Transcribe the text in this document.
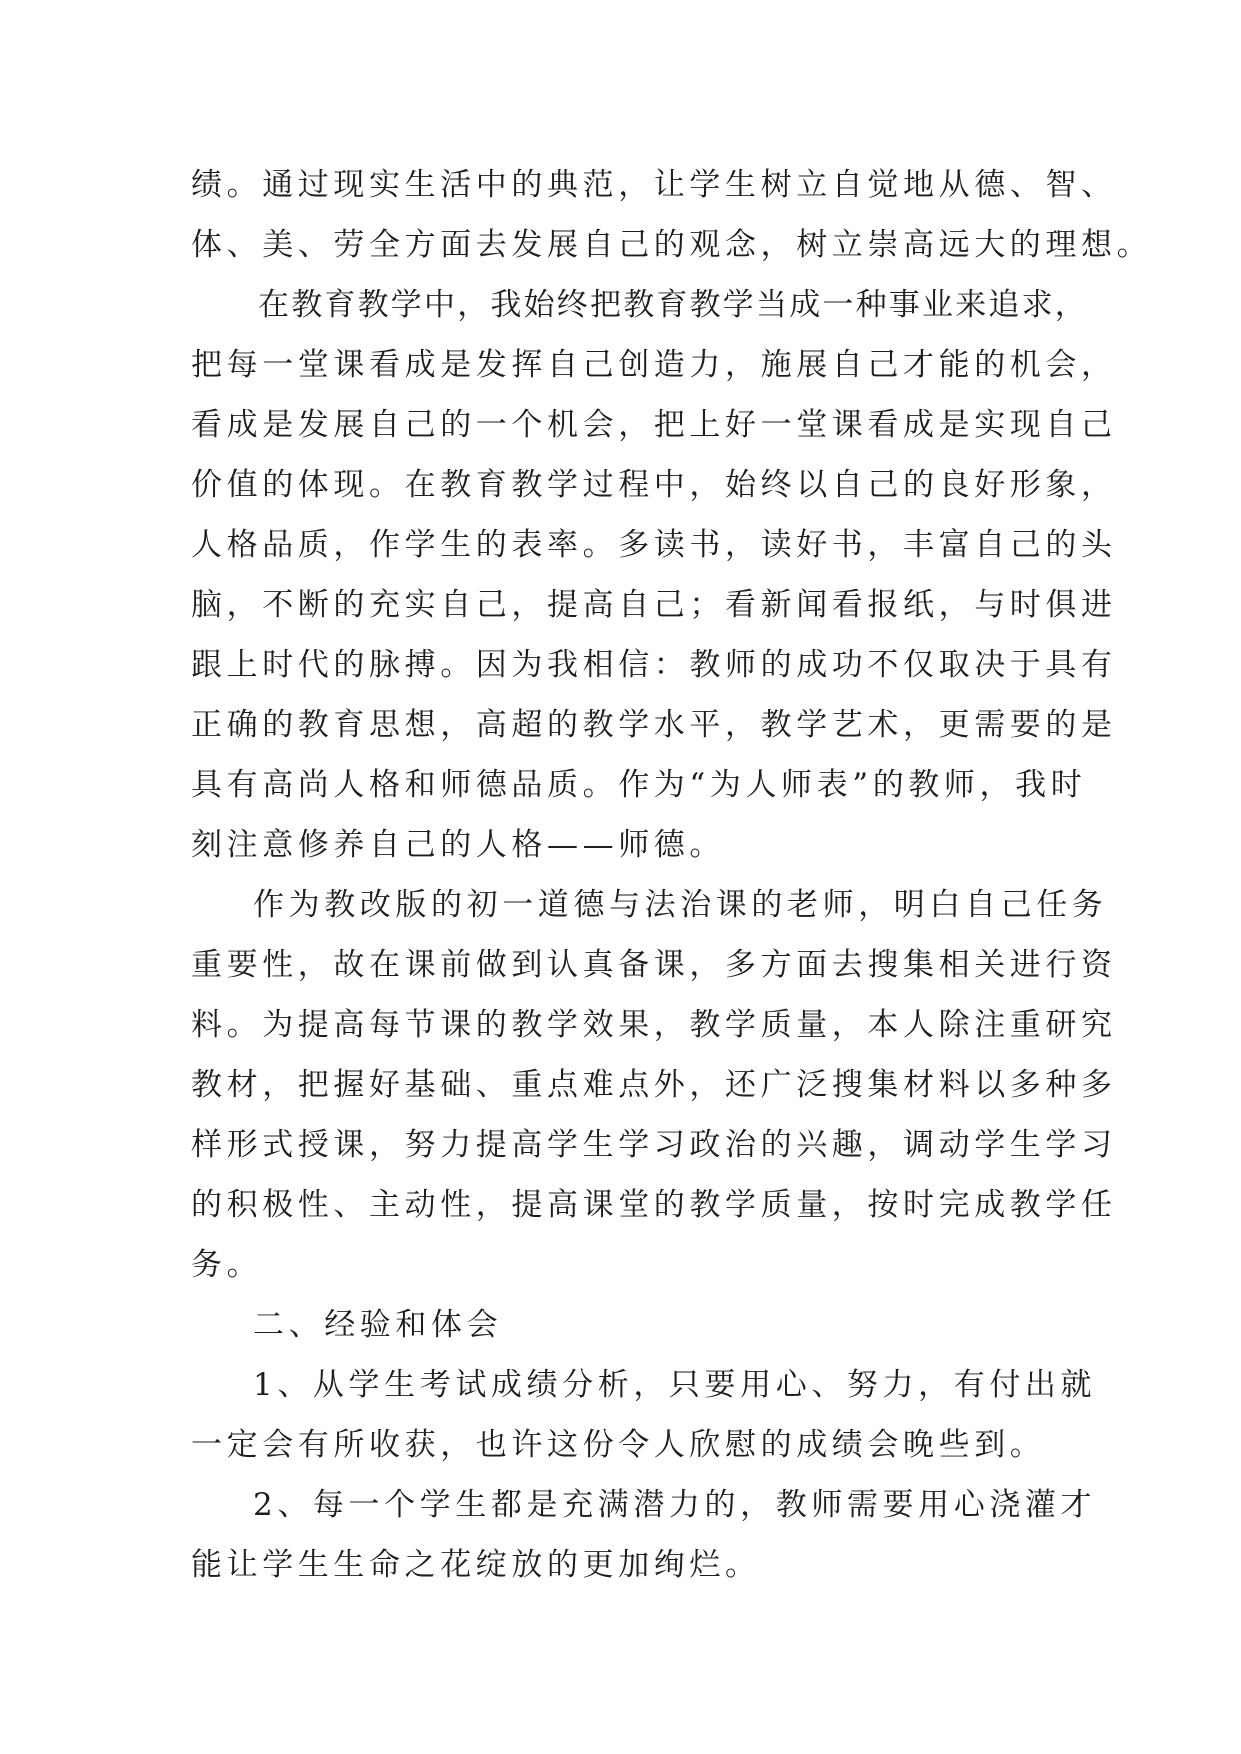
绩。通过现实生活中的典范，让学生树立自觉地从德、智、

体、美、劳全方面去发展自己的观念，树立崇高远大的理想。

在教育教学中，我始终把教育教学当成一种事业来追求，

把每一堂课看成是发挥自己创造力，施展自己才能的机会，

看成是发展自己的一个机会，把上好一堂课看成是实现自己

价值的体现。在教育教学过程中，始终以自己的良好形象，

人格品质，作学生的表率。多读书，读好书，丰富自己的头

脑，不断的充实自己，提高自己；看新闻看报纸，与时俱进

跟上时代的脉搏。因为我相信：教师的成功不仅取决于具有

正确的教育思想，高超的教学水平，教学艺术，更需要的是

具有高尚人格和师德品质。作为“为人师表”的教师，我时

刻注意修养自己的人格——师德。

作为教改版的初一道德与法治课的老师，明白自己任务

重要性，故在课前做到认真备课，多方面去搜集相关进行资

料。为提高每节课的教学效果，教学质量，本人除注重研究

教材，把握好基础、重点难点外，还广泛搜集材料以多种多

样形式授课，努力提高学生学习政治的兴趣，调动学生学习

的积极性、主动性，提高课堂的教学质量，按时完成教学任

务。

二、经验和体会

1、从学生考试成绩分析，只要用心、努力，有付出就

一定会有所收获，也许这份令人欣慰的成绩会晚些到。

2、每一个学生都是充满潜力的，教师需要用心浇灌才

能让学生生命之花绽放的更加绚烂。
